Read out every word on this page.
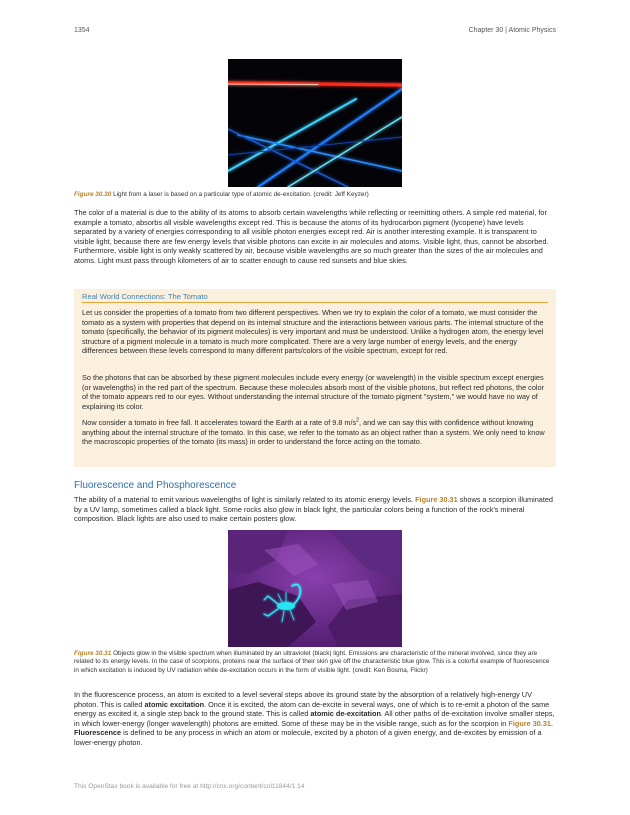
1354	Chapter 30 | Atomic Physics
Figure 30.30 Light from a laser is based on a particular type of atomic de-excitation. (credit: Jeff Keyzer)

The color of a material is due to the ability of its atoms to absorb certain wavelengths while reflecting or reemitting others. A simple red material, for example a tomato, absorbs all visible wavelengths except red. This is because the atoms of its hydrocarbon pigment (lycopene) have levels separated by a variety of energies corresponding to all visible photon energies except red. Air is another interesting example. It is transparent to visible light, because there are few energy levels that visible photons can excite in air molecules and atoms. Visible light, thus, cannot be absorbed. Furthermore, visible light is only weakly scattered by air, because visible wavelengths are so much greater than the sizes of the air molecules and atoms. Light must pass through kilometers of air to scatter enough to cause red sunsets and blue skies.

Real World Connections: The Tomato

Let us consider the properties of a tomato from two different perspectives. When we try to explain the color of a tomato, we must consider the tomato as a system with properties that depend on its internal structure and the interactions between various parts. The internal structure of the tomato (specifically, the behavior of its pigment molecules) is very important and must be understood. Unlike a hydrogen atom, the energy level structure of a pigment molecule in a tomato is much more complicated. There are a very large number of energy levels, and the energy differences between these levels correspond to many different parts/colors of the visible spectrum, except for red.

So the photons that can be absorbed by these pigment molecules include every energy (or wavelength) in the visible spectrum except energies (or wavelengths) in the red part of the spectrum. Because these molecules absorb most of the visible photons, but reflect red photons, the color of the tomato appears red to our eyes. Without understanding the internal structure of the tomato pigment "system," we would have no way of explaining its color.

Now consider a tomato in free fall. It accelerates toward the Earth at a rate of 9.8 $m/s^2$, and we can say this with confidence without knowing anything about the internal structure of the tomato. In this case, we refer to the tomato as an object rather than a system. We only need to know the macroscopic properties of the tomato (its mass) in order to understand the force acting on the tomato.

Fluorescence and Phosphorescence

The ability of a material to emit various wavelengths of light is similarly related to its atomic energy levels. Figure 30.31 shows a scorpion illuminated by a UV lamp, sometimes called a black light. Some rocks also glow in black light, the particular colors being a function of the rock's mineral composition. Black lights are also used to make certain posters glow.

Figure 30.31 Objects glow in the visible spectrum when illuminated by an ultraviolet (black) light. Emissions are characteristic of the mineral involved, since they are related to its energy levels. In the case of scorpions, proteins near the surface of their skin give off the characteristic blue glow. This is a colorful example of fluorescence in which excitation is induced by UV radiation while de-excitation occurs in the form of visible light. (credit: Ken Bosma, Flickr)

In the fluorescence process, an atom is excited to a level several steps above its ground state by the absorption of a relatively high-energy UV photon. This is called atomic excitation. Once it is excited, the atom can de-excite in several ways, one of which is to re-emit a photon of the same energy as excited it, a single step back to the ground state. This is called atomic de-excitation. All other paths of de-excitation involve smaller steps, in which lower-energy (longer wavelength) photons are emitted. Some of these may be in the visible range, such as for the scorpion in Figure 30.31. Fluorescence is defined to be any process in which an atom or molecule, excited by a photon of a given energy, and de-excites by emission of a lower-energy photon.

This OpenStax book is available for free at http://cnx.org/content/col11844/1.14
